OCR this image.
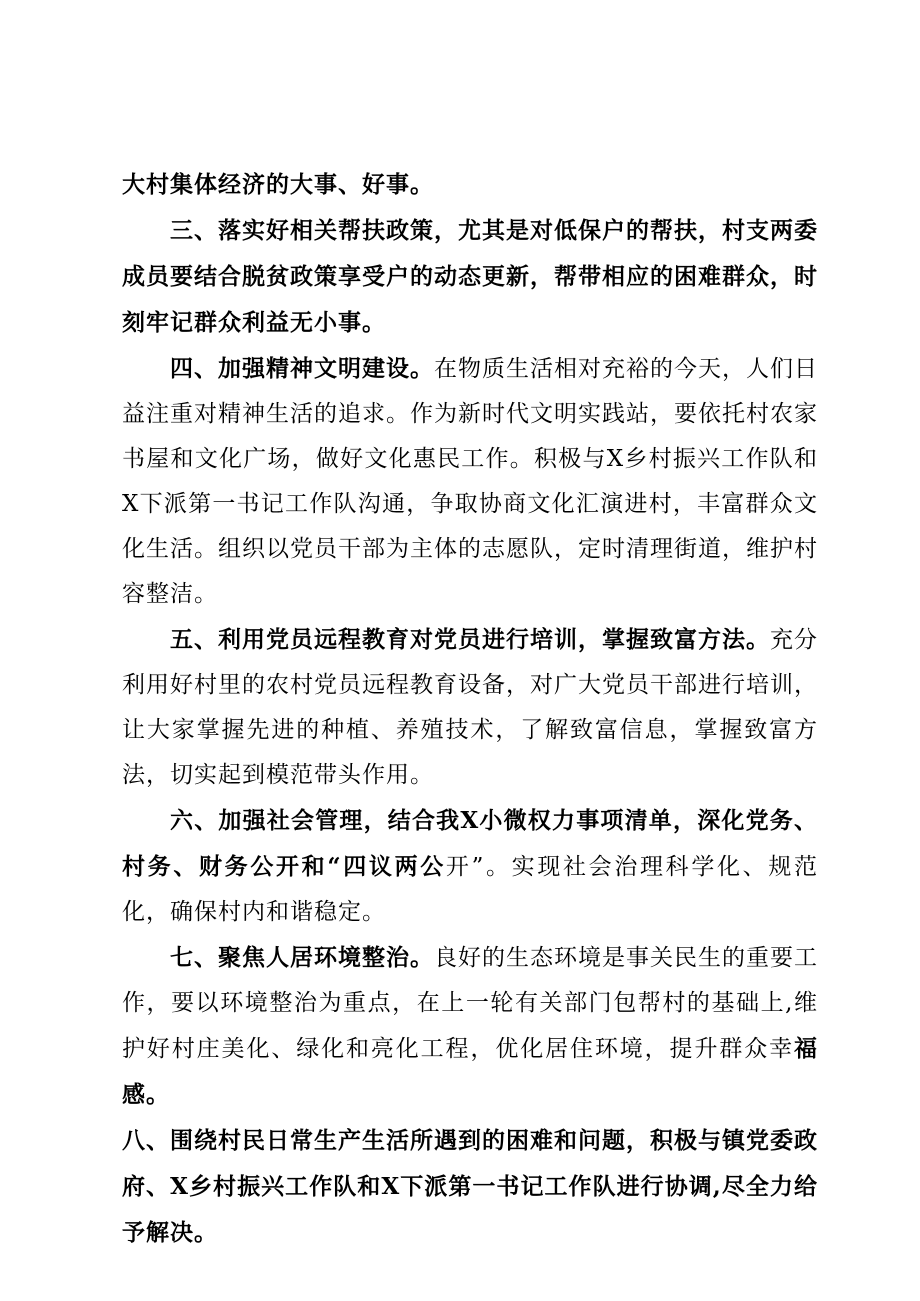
大村集体经济的大事、好事。

三、落实好相关帮扶政策，尤其是对低保户的帮扶，村支两委成员要结合脱贫政策享受户的动态更新，帮带相应的困难群众，时刻牢记群众利益无小事。

四、加强精神文明建设。在物质生活相对充裕的今天，人们日益注重对精神生活的追求。作为新时代文明实践站，要依托村农家书屋和文化广场，做好文化惠民工作。积极与X乡村振兴工作队和X下派第一书记工作队沟通，争取协商文化汇演进村，丰富群众文化生活。组织以党员干部为主体的志愿队，定时清理街道，维护村容整洁。

五、利用党员远程教育对党员进行培训，掌握致富方法。充分利用好村里的农村党员远程教育设备，对广大党员干部进行培训，让大家掌握先进的种植、养殖技术，了解致富信息，掌握致富方法，切实起到模范带头作用。

六、加强社会管理，结合我X小微权力事项清单，深化党务、村务、财务公开和“四议两公开”。实现社会治理科学化、规范化，确保村内和谐稳定。

七、聚焦人居环境整治。良好的生态环境是事关民生的重要工作，要以环境整治为重点，在上一轮有关部门包帮村的基础上,维护好村庄美化、绿化和亮化工程，优化居住环境，提升群众幸福感。

八、围绕村民日常生产生活所遇到的困难和问题，积极与镇党委政府、X乡村振兴工作队和X下派第一书记工作队进行协调,尽全力给予解决。
